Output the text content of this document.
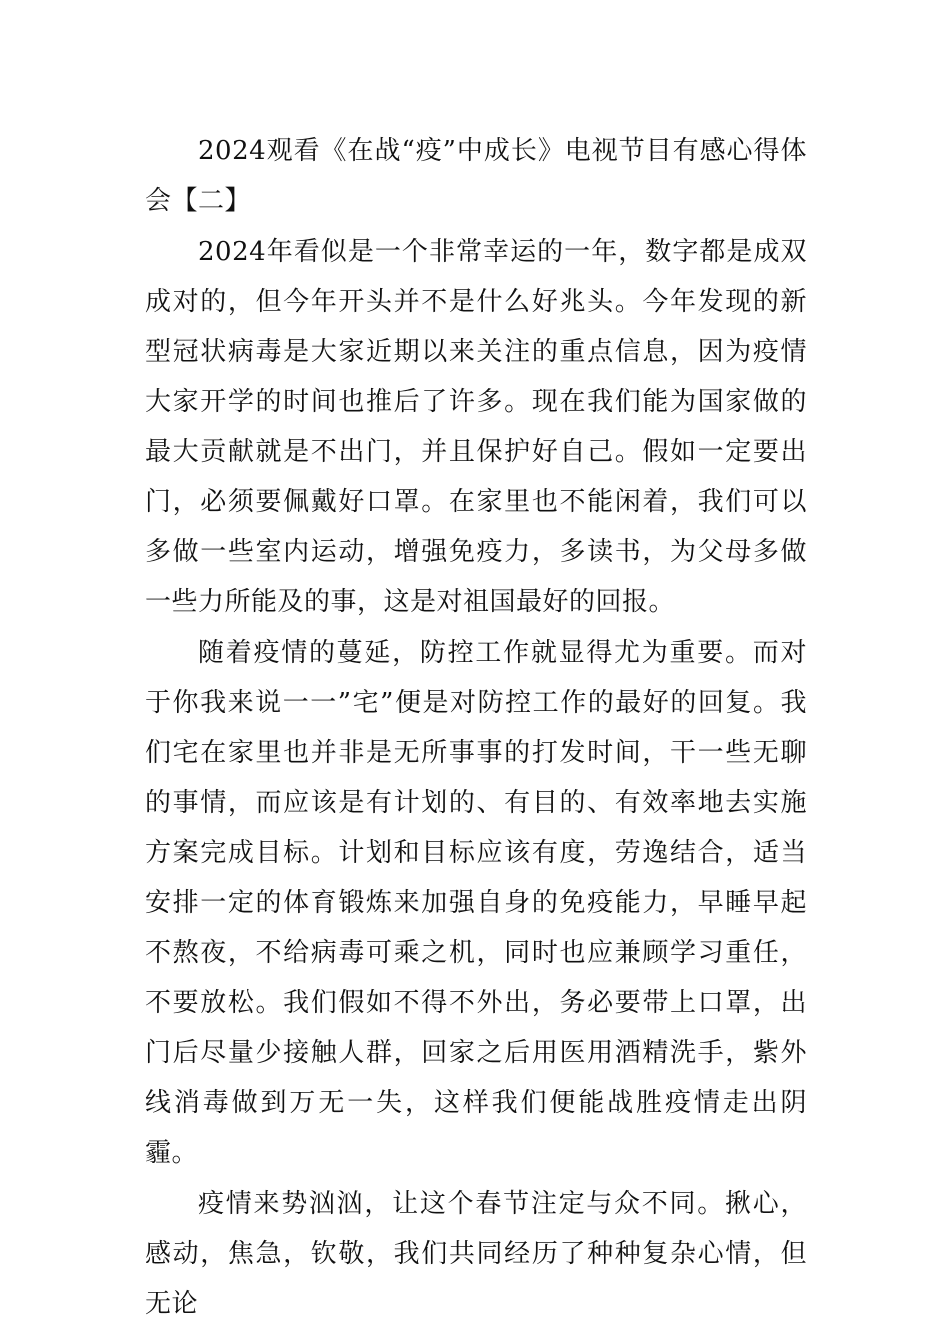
2024观看《在战“疫”中成长》电视节目有感心得体会【二】

2024年看似是一个非常幸运的一年，数字都是成双成对的，但今年开头并不是什么好兆头。今年发现的新型冠状病毒是大家近期以来关注的重点信息，因为疫情大家开学的时间也推后了许多。现在我们能为国家做的最大贡献就是不出门，并且保护好自己。假如一定要出门，必须要佩戴好口罩。在家里也不能闲着，我们可以多做一些室内运动，增强免疫力，多读书，为父母多做一些力所能及的事，这是对祖国最好的回报。

随着疫情的蔓延，防控工作就显得尤为重要。而对于你我来说一一”宅”便是对防控工作的最好的回复。我们宅在家里也并非是无所事事的打发时间，干一些无聊的事情，而应该是有计划的、有目的、有效率地去实施方案完成目标。计划和目标应该有度，劳逸结合，适当安排一定的体育锻炼来加强自身的免疫能力，早睡早起不熬夜，不给病毒可乘之机，同时也应兼顾学习重任，不要放松。我们假如不得不外出，务必要带上口罩，出门后尽量少接触人群，回家之后用医用酒精洗手，紫外线消毒做到万无一失，这样我们便能战胜疫情走出阴霾。

疫情来势汹汹，让这个春节注定与众不同。揪心，感动，焦急，钦敬，我们共同经历了种种复杂心情，但无论
